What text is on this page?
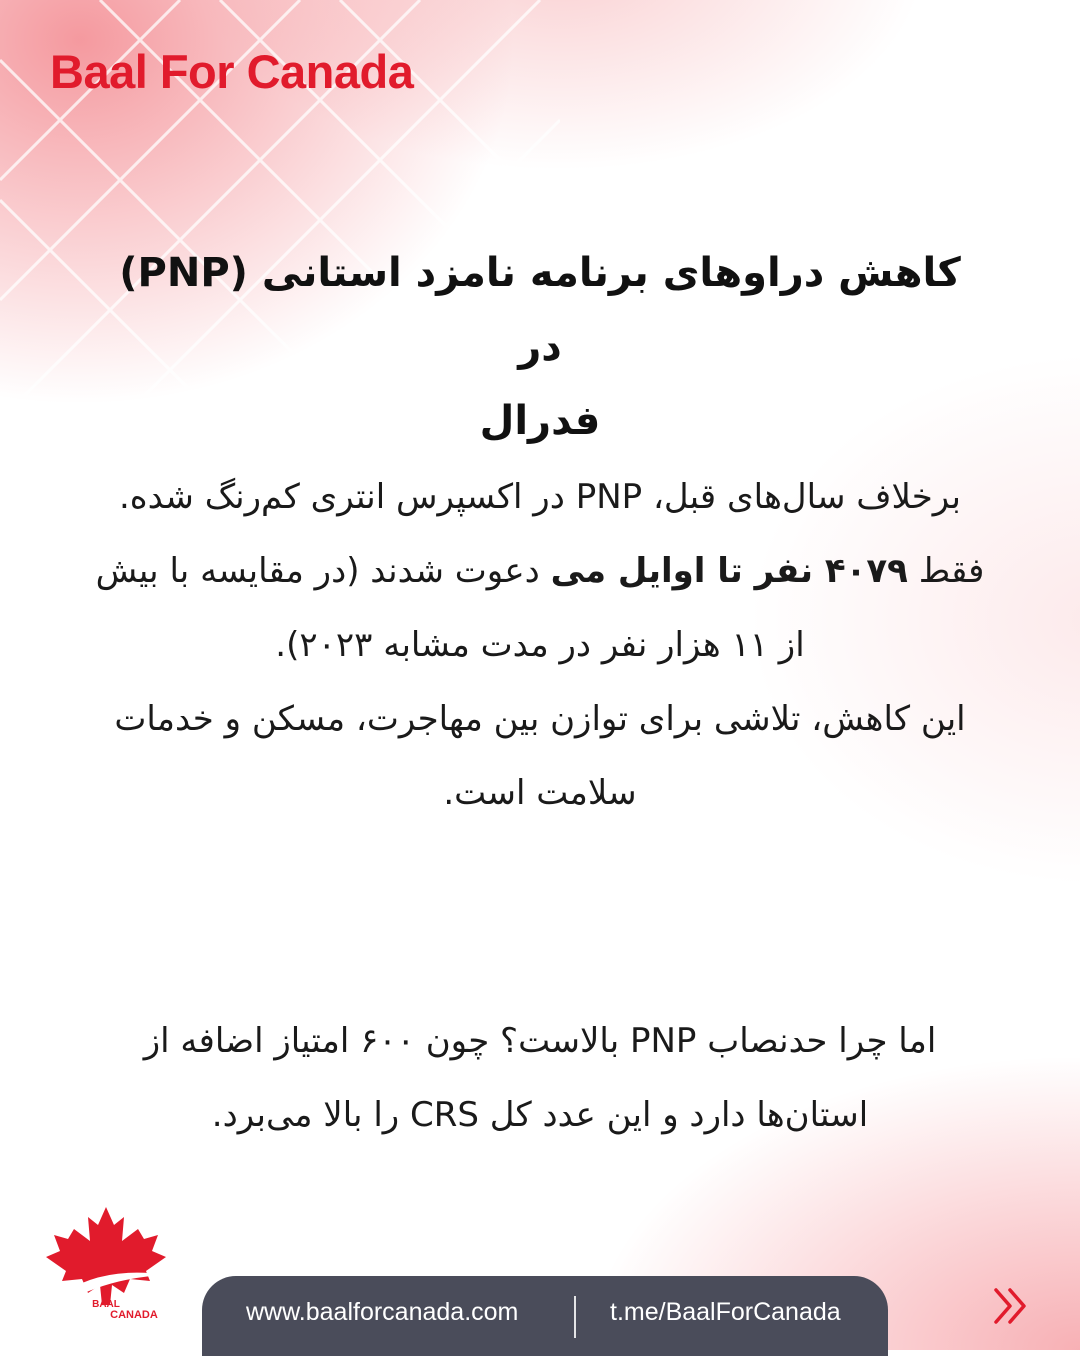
Baal For Canada
کاهش دراوهای برنامه نامزد استانی (PNP) در
فدرال

برخلاف سال‌های قبل، PNP در اکسپرس انتری کم‌رنگ شده.
فقط ۴۰۷۹ نفر تا اوایل می دعوت شدند (در مقایسه با بیش از ۱۱ هزار نفر در مدت مشابه ۲۰۲۳).
این کاهش، تلاشی برای توازن بین مهاجرت، مسکن و خدمات سلامت است.

اما چرا حدنصاب PNP بالاست؟ چون ۶۰۰ امتیاز اضافه از استان‌ها دارد و این عدد کل CRS را بالا می‌برد.

BAAL
CANADA	www.baalforcanada.com	t.me/BaalForCanada
